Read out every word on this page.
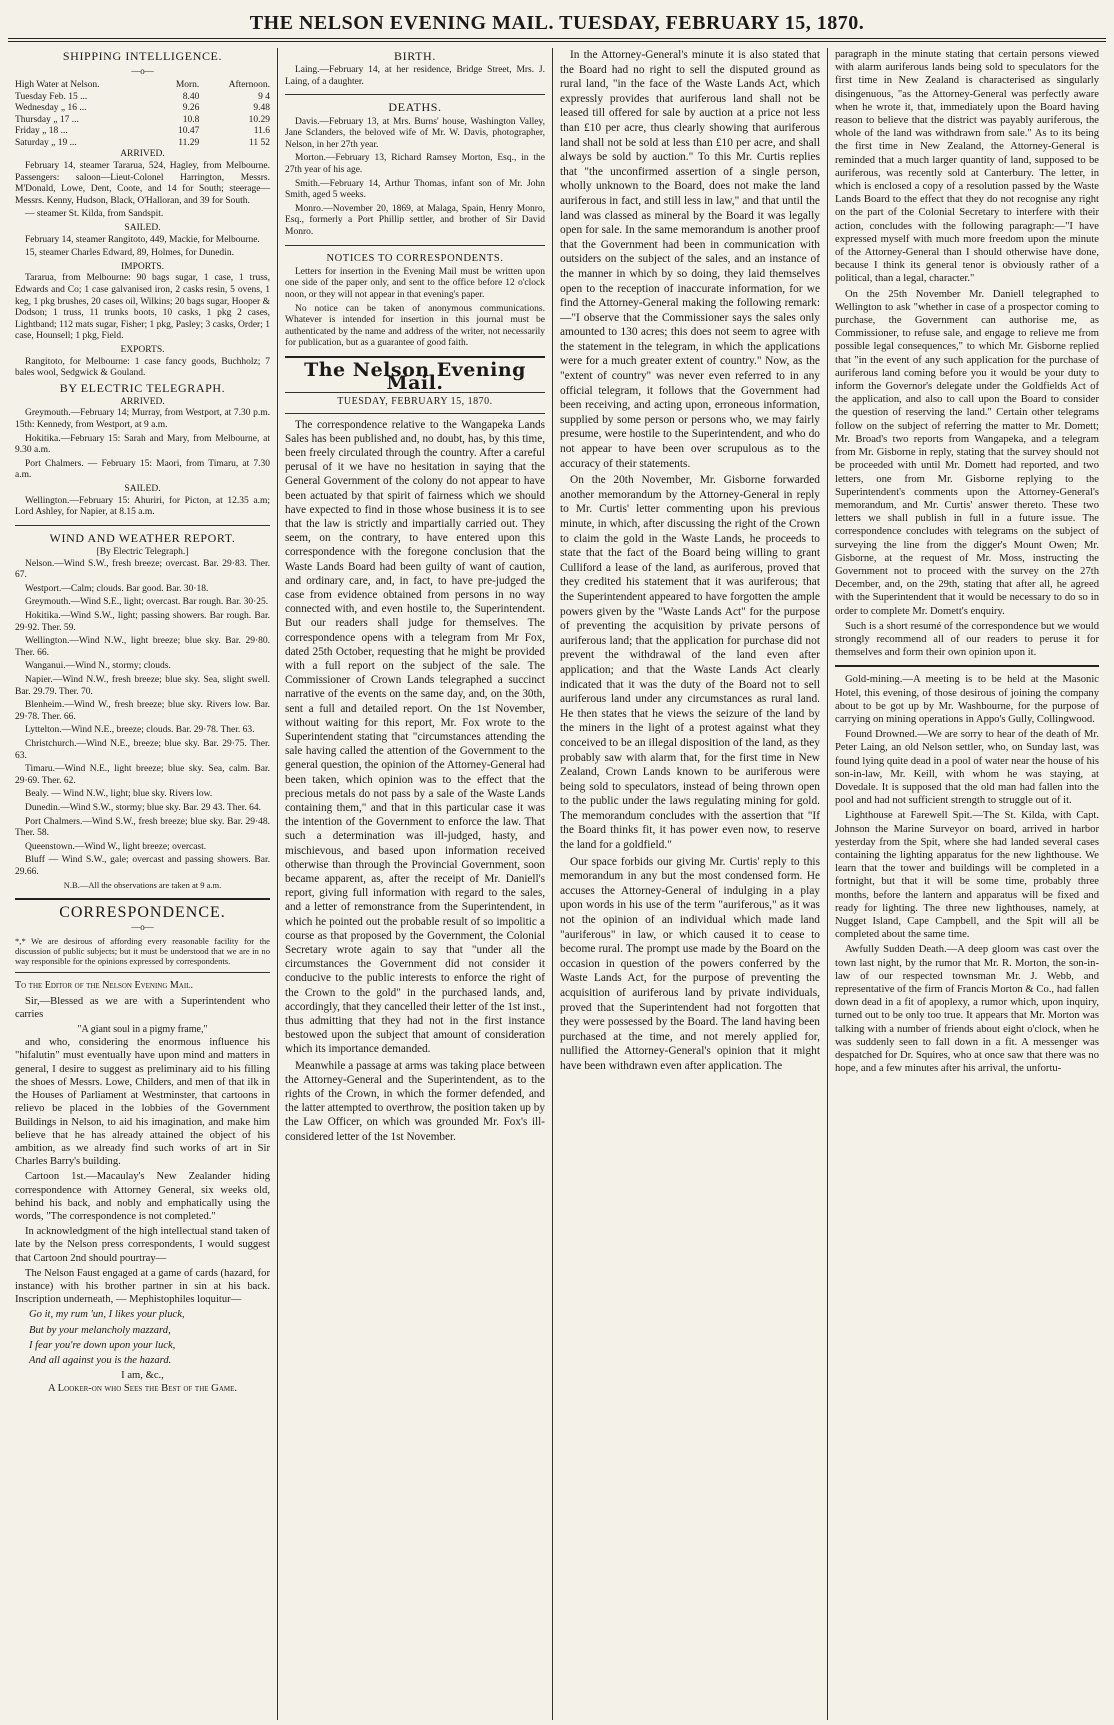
THE NELSON EVENING MAIL. TUESDAY, FEBRUARY 15, 1870.
SHIPPING INTELLIGENCE.
—o—
High Water at Nelson.	Morn.	Afternoon.
Tuesday Feb. 15 ...	8.40	9 4
Wednesday „ 16 ...	9.26	9.48
Thursday „ 17 ...	10.8	10.29
Friday „ 18 ...	10.47	11.6
Saturday „ 19 ...	11.29	11 52
ARRIVED.

February 14, steamer Tararua, 524, Hagley, from Melbourne. Passengers: saloon—Lieut-Colonel Harrington, Messrs. M'Donald, Lowe, Dent, Coote, and 14 for South; steerage—Messrs. Kenny, Hudson, Black, O'Halloran, and 39 for South.

— steamer St. Kilda, from Sandspit.

SAILED.

February 14, steamer Rangitoto, 449, Mackie, for Melbourne.

15, steamer Charles Edward, 89, Holmes, for Dunedin.

IMPORTS.

Tararua, from Melbourne: 90 bags sugar, 1 case, 1 truss, Edwards and Co; 1 case galvanised iron, 2 casks resin, 5 ovens, 1 keg, 1 pkg brushes, 20 cases oil, Wilkins; 20 bags sugar, Hooper & Dodson; 1 truss, 11 trunks boots, 10 casks, 1 pkg 2 cases, Lightband; 112 mats sugar, Fisher; 1 pkg, Pasley; 3 casks, Order; 1 case, Hounsell; 1 pkg, Field.

EXPORTS.

Rangitoto, for Melbourne: 1 case fancy goods, Buchholz; 7 bales wool, Sedgwick & Gouland.

BY ELECTRIC TELEGRAPH.
ARRIVED.

Greymouth.—February 14; Murray, from Westport, at 7.30 p.m. 15th: Kennedy, from Westport, at 9 a.m.

Hokitika.—February 15: Sarah and Mary, from Melbourne, at 9.30 a.m.

Port Chalmers. — February 15: Maori, from Timaru, at 7.30 a.m.

SAILED.

Wellington.—February 15: Ahuriri, for Picton, at 12.35 a.m; Lord Ashley, for Napier, at 8.15 a.m.

WIND AND WEATHER REPORT.
[By Electric Telegraph.]

Nelson.—Wind S.W., fresh breeze; overcast. Bar. 29·83. Ther. 67.

Westport.—Calm; clouds. Bar good. Bar. 30·18.

Greymouth.—Wind S.E., light; overcast. Bar rough. Bar. 30·25.

Hokitika.—Wind S.W., light; passing showers. Bar rough. Bar. 29·92. Ther. 59.

Wellington.—Wind N.W., light breeze; blue sky. Bar. 29·80. Ther. 66.

Wanganui.—Wind N., stormy; clouds.

Napier.—Wind N.W., fresh breeze; blue sky. Sea, slight swell. Bar. 29.79. Ther. 70.

Blenheim.—Wind W., fresh breeze; blue sky. Rivers low. Bar. 29·78. Ther. 66.

Lyttelton.—Wind N.E., breeze; clouds. Bar. 29·78. Ther. 63.

Christchurch.—Wind N.E., breeze; blue sky. Bar. 29·75. Ther. 63.

Timaru.—Wind N.E., light breeze; blue sky. Sea, calm. Bar. 29·69. Ther. 62.

Bealy. — Wind N.W., light; blue sky. Rivers low.

Dunedin.—Wind S.W., stormy; blue sky. Bar. 29 43. Ther. 64.

Port Chalmers.—Wind S.W., fresh breeze; blue sky. Bar. 29·48. Ther. 58.

Queenstown.—Wind W., light breeze; overcast.

Bluff — Wind S.W., gale; overcast and passing showers. Bar. 29.66.

N.B.—All the observations are taken at 9 a.m.
CORRESPONDENCE.
—o—
*,* We are desirous of affording every reasonable facility for the discussion of public subjects; but it must be understood that we are in no way responsible for the opinions expressed by correspondents.
To the Editor of the Nelson Evening Mail.

Sir,—Blessed as we are with a Superintendent who carries

"A giant soul in a pigmy frame,"

and who, considering the enormous influence his "hifalutin" must eventually have upon mind and matters in general, I desire to suggest as preliminary aid to his filling the shoes of Messrs. Lowe, Childers, and men of that ilk in the Houses of Parliament at Westminster, that cartoons in relievo be placed in the lobbies of the Government Buildings in Nelson, to aid his imagination, and make him believe that he has already attained the object of his ambition, as we already find such works of art in Sir Charles Barry's building.

Cartoon 1st.—Macaulay's New Zealander hiding correspondence with Attorney General, six weeks old, behind his back, and nobly and emphatically using the words, "The correspondence is not completed."

In acknowledgment of the high intellectual stand taken of late by the Nelson press correspondents, I would suggest that Cartoon 2nd should pourtray—

The Nelson Faust engaged at a game of cards (hazard, for instance) with his brother partner in sin at his back. Inscription underneath, — Mephistophiles loquitur—

Go it, my rum 'un, I likes your pluck,

But by your melancholy mazzard,

I fear you're down upon your luck,

And all against you is the hazard.

I am, &c.,
A Looker-on who Sees the Best of the Game.
BIRTH.

Laing.—February 14, at her residence, Bridge Street, Mrs. J. Laing, of a daughter.

DEATHS.

Davis.—February 13, at Mrs. Burns' house, Washington Valley, Jane Sclanders, the beloved wife of Mr. W. Davis, photographer, Nelson, in her 27th year.

Morton.—February 13, Richard Ramsey Morton, Esq., in the 27th year of his age.

Smith.—February 14, Arthur Thomas, infant son of Mr. John Smith, aged 5 weeks.

Monro.—November 20, 1869, at Malaga, Spain, Henry Monro, Esq., formerly a Port Phillip settler, and brother of Sir David Monro.

NOTICES TO CORRESPONDENTS.

Letters for insertion in the Evening Mail must be written upon one side of the paper only, and sent to the office before 12 o'clock noon, or they will not appear in that evening's paper.

No notice can be taken of anonymous communications. Whatever is intended for insertion in this journal must be authenticated by the name and address of the writer, not necessarily for publication, but as a guarantee of good faith.

The Nelson Evening Mail.
TUESDAY, FEBRUARY 15, 1870.

The correspondence relative to the Wangapeka Lands Sales has been published and, no doubt, has, by this time, been freely circulated through the country. After a careful perusal of it we have no hesitation in saying that the General Government of the colony do not appear to have been actuated by that spirit of fairness which we should have expected to find in those whose business it is to see that the law is strictly and impartially carried out. They seem, on the contrary, to have entered upon this correspondence with the foregone conclusion that the Waste Lands Board had been guilty of want of caution, and ordinary care, and, in fact, to have pre-judged the case from evidence obtained from persons in no way connected with, and even hostile to, the Superintendent. But our readers shall judge for themselves. The correspondence opens with a telegram from Mr Fox, dated 25th October, requesting that he might be provided with a full report on the subject of the sale. The Commissioner of Crown Lands telegraphed a succinct narrative of the events on the same day, and, on the 30th, sent a full and detailed report. On the 1st November, without waiting for this report, Mr. Fox wrote to the Superintendent stating that "circumstances attending the sale having called the attention of the Government to the general question, the opinion of the Attorney-General had been taken, which opinion was to the effect that the precious metals do not pass by a sale of the Waste Lands containing them," and that in this particular case it was the intention of the Government to enforce the law. That such a determination was ill-judged, hasty, and mischievous, and based upon information received otherwise than through the Provincial Government, soon became apparent, as, after the receipt of Mr. Daniell's report, giving full information with regard to the sales, and a letter of remonstrance from the Superintendent, in which he pointed out the probable result of so impolitic a course as that proposed by the Government, the Colonial Secretary wrote again to say that "under all the circumstances the Government did not consider it conducive to the public interests to enforce the right of the Crown to the gold" in the purchased lands, and, accordingly, that they cancelled their letter of the 1st inst., thus admitting that they had not in the first instance bestowed upon the subject that amount of consideration which its importance demanded.

Meanwhile a passage at arms was taking place between the Attorney-General and the Superintendent, as to the rights of the Crown, in which the former defended, and the latter attempted to overthrow, the position taken up by the Law Officer, on which was grounded Mr. Fox's ill-considered letter of the 1st November.

In the Attorney-General's minute it is also stated that the Board had no right to sell the disputed ground as rural land, "in the face of the Waste Lands Act, which expressly provides that auriferous land shall not be leased till offered for sale by auction at a price not less than £10 per acre, thus clearly showing that auriferous land shall not be sold at less than £10 per acre, and shall always be sold by auction." To this Mr. Curtis replies that "the unconfirmed assertion of a single person, wholly unknown to the Board, does not make the land auriferous in fact, and still less in law," and that until the land was classed as mineral by the Board it was legally open for sale. In the same memorandum is another proof that the Government had been in communication with outsiders on the subject of the sales, and an instance of the manner in which by so doing, they laid themselves open to the reception of inaccurate information, for we find the Attorney-General making the following remark:—"I observe that the Commissioner says the sales only amounted to 130 acres; this does not seem to agree with the statement in the telegram, in which the applications were for a much greater extent of country." Now, as the "extent of country" was never even referred to in any official telegram, it follows that the Government had been receiving, and acting upon, erroneous information, supplied by some person or persons who, we may fairly presume, were hostile to the Superintendent, and who do not appear to have been over scrupulous as to the accuracy of their statements.

On the 20th November, Mr. Gisborne forwarded another memorandum by the Attorney-General in reply to Mr. Curtis' letter commenting upon his previous minute, in which, after discussing the right of the Crown to claim the gold in the Waste Lands, he proceeds to state that the fact of the Board being willing to grant Culliford a lease of the land, as auriferous, proved that they credited his statement that it was auriferous; that the Superintendent appeared to have forgotten the ample powers given by the "Waste Lands Act" for the purpose of preventing the acquisition by private persons of auriferous land; that the application for purchase did not prevent the withdrawal of the land even after application; and that the Waste Lands Act clearly indicated that it was the duty of the Board not to sell auriferous land under any circumstances as rural land. He then states that he views the seizure of the land by the miners in the light of a protest against what they conceived to be an illegal disposition of the land, as they probably saw with alarm that, for the first time in New Zealand, Crown Lands known to be auriferous were being sold to speculators, instead of being thrown open to the public under the laws regulating mining for gold. The memorandum concludes with the assertion that "If the Board thinks fit, it has power even now, to reserve the land for a goldfield."

Our space forbids our giving Mr. Curtis' reply to this memorandum in any but the most condensed form. He accuses the Attorney-General of indulging in a play upon words in his use of the term "auriferous," as it was not the opinion of an individual which made land "auriferous" in law, or which caused it to cease to become rural. The prompt use made by the Board on the occasion in question of the powers conferred by the Waste Lands Act, for the purpose of preventing the acquisition of auriferous land by private individuals, proved that the Superintendent had not forgotten that they were possessed by the Board. The land having been purchased at the time, and not merely applied for, nullified the Attorney-General's opinion that it might have been withdrawn even after application. The

paragraph in the minute stating that certain persons viewed with alarm auriferous lands being sold to speculators for the first time in New Zealand is characterised as singularly disingenuous, "as the Attorney-General was perfectly aware when he wrote it, that, immediately upon the Board having reason to believe that the district was payably auriferous, the whole of the land was withdrawn from sale." As to its being the first time in New Zealand, the Attorney-General is reminded that a much larger quantity of land, supposed to be auriferous, was recently sold at Canterbury. The letter, in which is enclosed a copy of a resolution passed by the Waste Lands Board to the effect that they do not recognise any right on the part of the Colonial Secretary to interfere with their action, concludes with the following paragraph:—"I have expressed myself with much more freedom upon the minute of the Attorney-General than I should otherwise have done, because I think its general tenor is obviously rather of a political, than a legal, character."

On the 25th November Mr. Daniell telegraphed to Wellington to ask "whether in case of a prospector coming to purchase, the Government can authorise me, as Commissioner, to refuse sale, and engage to relieve me from possible legal consequences," to which Mr. Gisborne replied that "in the event of any such application for the purchase of auriferous land coming before you it would be your duty to inform the Governor's delegate under the Goldfields Act of the application, and also to call upon the Board to consider the question of reserving the land." Certain other telegrams follow on the subject of referring the matter to Mr. Domett; Mr. Broad's two reports from Wangapeka, and a telegram from Mr. Gisborne in reply, stating that the survey should not be proceeded with until Mr. Domett had reported, and two letters, one from Mr. Gisborne replying to the Superintendent's comments upon the Attorney-General's memorandum, and Mr. Curtis' answer thereto. These two letters we shall publish in full in a future issue. The correspondence concludes with telegrams on the subject of surveying the line from the digger's Mount Owen; Mr. Gisborne, at the request of Mr. Moss, instructing the Government not to proceed with the survey on the 27th December, and, on the 29th, stating that after all, he agreed with the Superintendent that it would be necessary to do so in order to complete Mr. Domett's enquiry.

Such is a short resumé of the correspondence but we would strongly recommend all of our readers to peruse it for themselves and form their own opinion upon it.

Gold-mining.—A meeting is to be held at the Masonic Hotel, this evening, of those desirous of joining the company about to be got up by Mr. Washbourne, for the purpose of carrying on mining operations in Appo's Gully, Collingwood.

Found Drowned.—We are sorry to hear of the death of Mr. Peter Laing, an old Nelson settler, who, on Sunday last, was found lying quite dead in a pool of water near the house of his son-in-law, Mr. Keill, with whom he was staying, at Dovedale. It is supposed that the old man had fallen into the pool and had not sufficient strength to struggle out of it.

Lighthouse at Farewell Spit.—The St. Kilda, with Capt. Johnson the Marine Surveyor on board, arrived in harbor yesterday from the Spit, where she had landed several cases containing the lighting apparatus for the new lighthouse. We learn that the tower and buildings will be completed in a fortnight, but that it will be some time, probably three months, before the lantern and apparatus will be fixed and ready for lighting. The three new lighthouses, namely, at Nugget Island, Cape Campbell, and the Spit will all be completed about the same time.

Awfully Sudden Death.—A deep gloom was cast over the town last night, by the rumor that Mr. R. Morton, the son-in-law of our respected townsman Mr. J. Webb, and representative of the firm of Francis Morton & Co., had fallen down dead in a fit of apoplexy, a rumor which, upon inquiry, turned out to be only too true. It appears that Mr. Morton was talking with a number of friends about eight o'clock, when he was suddenly seen to fall down in a fit. A messenger was despatched for Dr. Squires, who at once saw that there was no hope, and a few minutes after his arrival, the unfortu-
